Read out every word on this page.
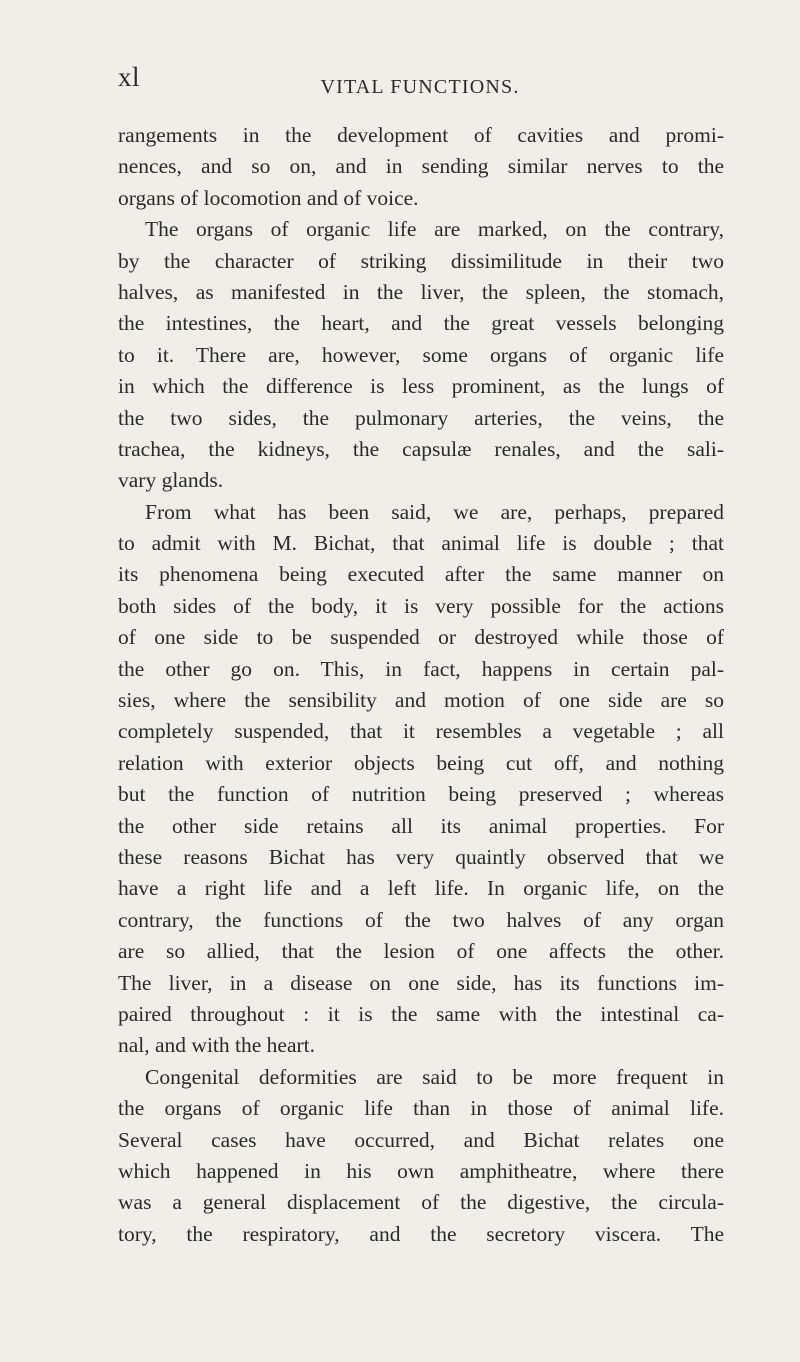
xl	VITAL FUNCTIONS.
rangements in the development of cavities and promi-
nences, and so on, and in sending similar nerves to the
organs of locomotion and of voice.
The organs of organic life are marked, on the contrary,
by the character of striking dissimilitude in their two
halves, as manifested in the liver, the spleen, the stomach,
the intestines, the heart, and the great vessels belonging
to it. There are, however, some organs of organic life
in which the difference is less prominent, as the lungs of
the two sides, the pulmonary arteries, the veins, the
trachea, the kidneys, the capsulæ renales, and the sali-
vary glands.
From what has been said, we are, perhaps, prepared
to admit with M. Bichat, that animal life is double ; that
its phenomena being executed after the same manner on
both sides of the body, it is very possible for the actions
of one side to be suspended or destroyed while those of
the other go on. This, in fact, happens in certain pal-
sies, where the sensibility and motion of one side are so
completely suspended, that it resembles a vegetable ; all
relation with exterior objects being cut off, and nothing
but the function of nutrition being preserved ; whereas
the other side retains all its animal properties. For
these reasons Bichat has very quaintly observed that we
have a right life and a left life. In organic life, on the
contrary, the functions of the two halves of any organ
are so allied, that the lesion of one affects the other.
The liver, in a disease on one side, has its functions im-
paired throughout : it is the same with the intestinal ca-
nal, and with the heart.
Congenital deformities are said to be more frequent in
the organs of organic life than in those of animal life.
Several cases have occurred, and Bichat relates one
which happened in his own amphitheatre, where there
was a general displacement of the digestive, the circula-
tory, the respiratory, and the secretory viscera. The
